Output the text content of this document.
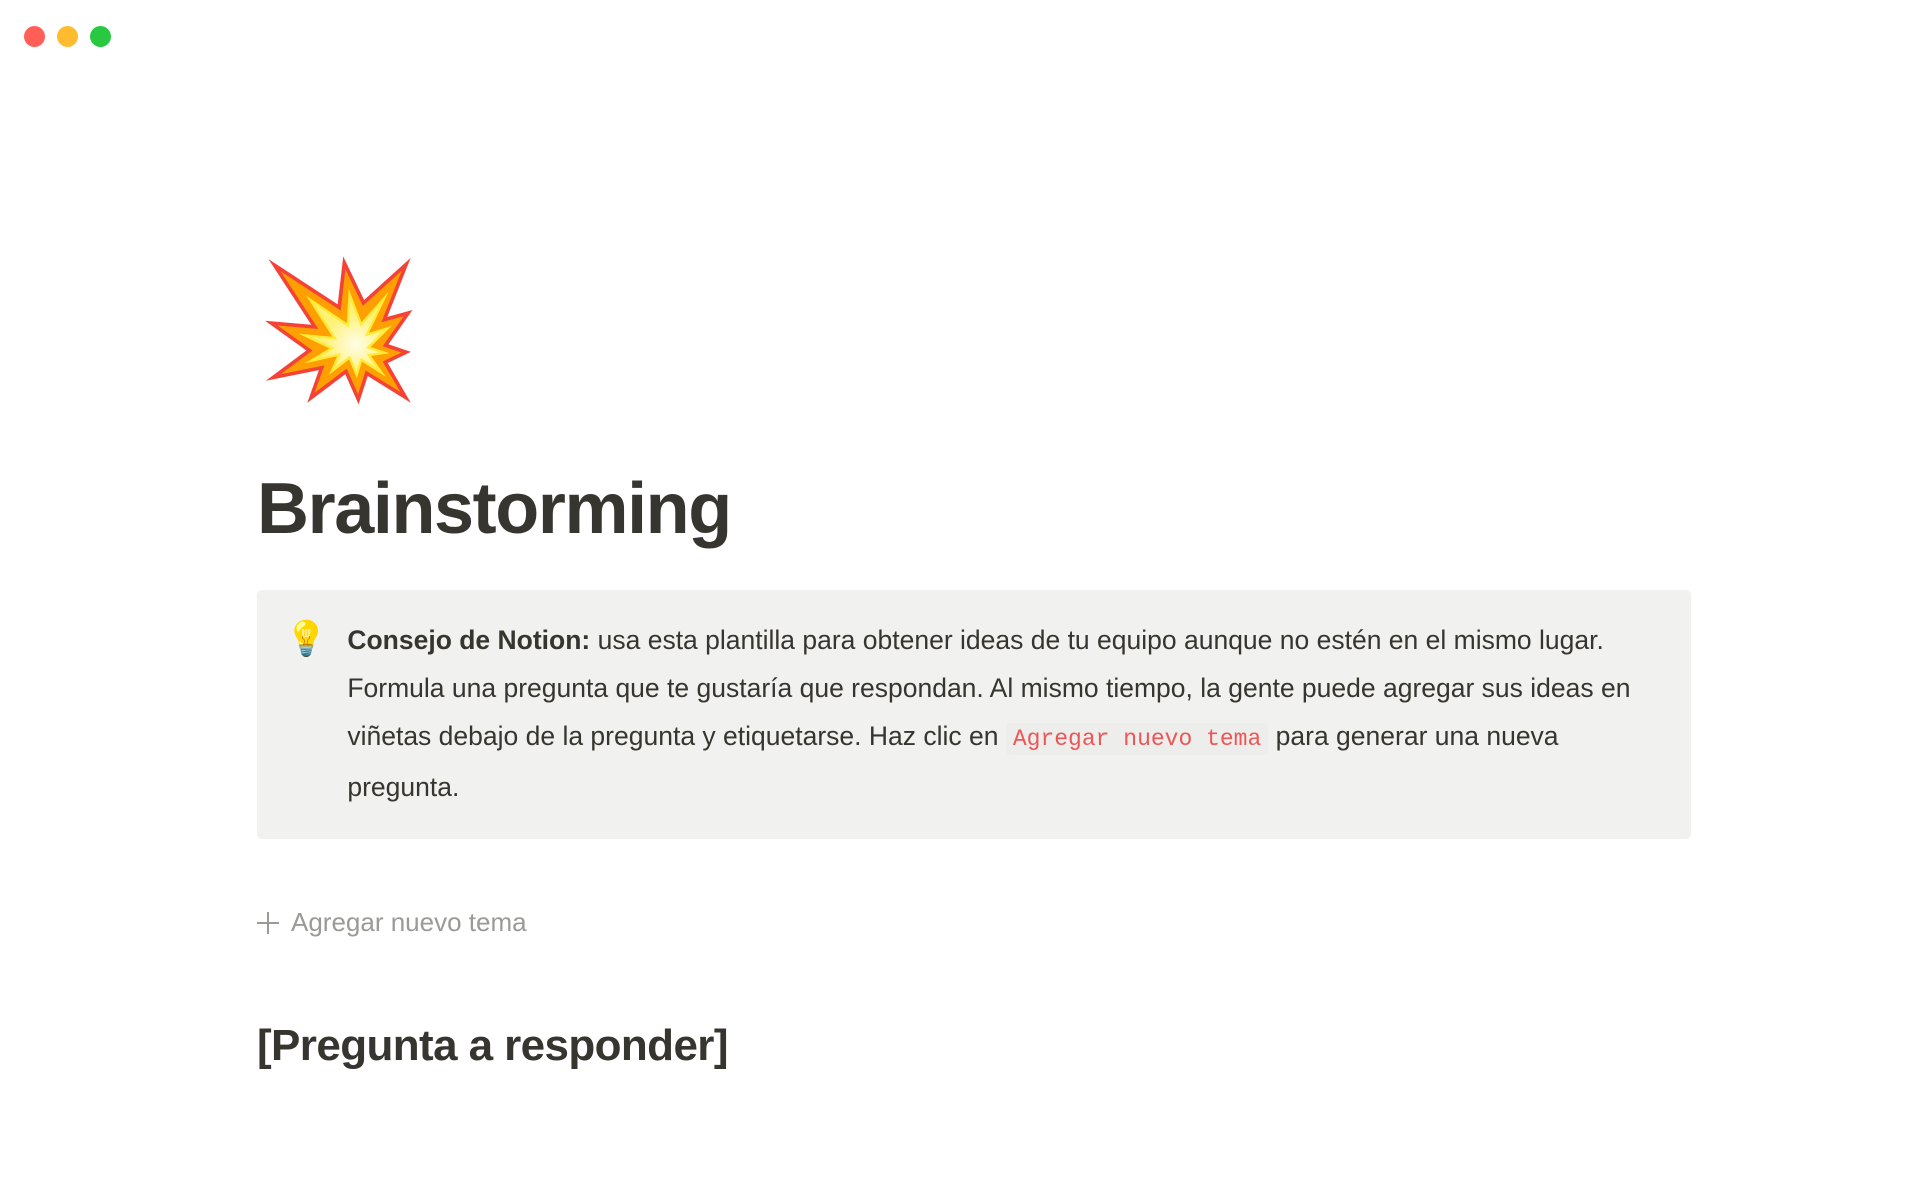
💥
Brainstorming
💡 Consejo de Notion: usa esta plantilla para obtener ideas de tu equipo aunque no estén en el mismo lugar. Formula una pregunta que te gustaría que respondan. Al mismo tiempo, la gente puede agregar sus ideas en viñetas debajo de la pregunta y etiquetarse. Haz clic en Agregar nuevo tema para generar una nueva pregunta.
Agregar nuevo tema
[Pregunta a responder]
